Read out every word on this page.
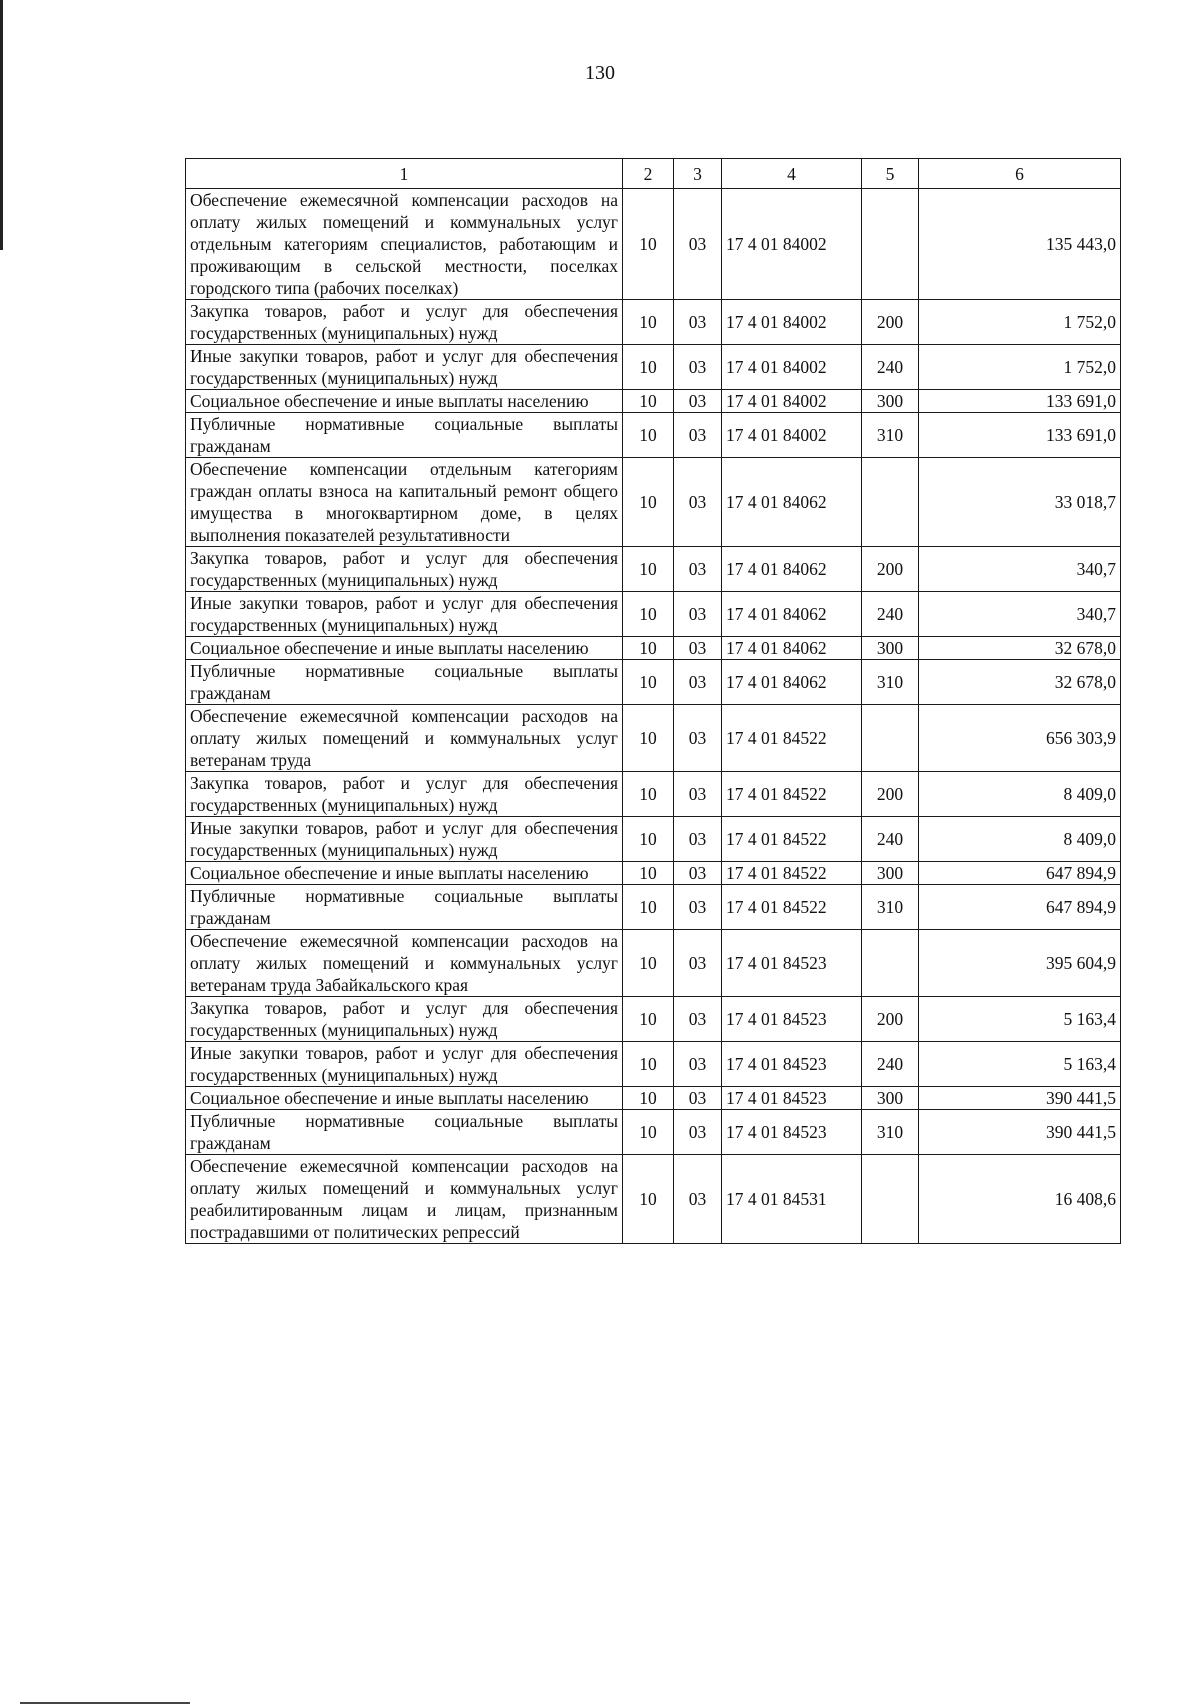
130
1	2	3	4	5	6
Обеспечение ежемесячной компенсации расходов на оплату жилых помещений и коммунальных услуг отдельным категориям специалистов, работающим и проживающим в сельской местности, поселках городского типа (рабочих поселках)	10	03	17 4 01 84002		135 443,0
Закупка товаров, работ и услуг для обеспечения государственных (муниципальных) нужд	10	03	17 4 01 84002	200	1 752,0
Иные закупки товаров, работ и услуг для обеспечения государственных (муниципальных) нужд	10	03	17 4 01 84002	240	1 752,0
Социальное обеспечение и иные выплаты населению	10	03	17 4 01 84002	300	133 691,0
Публичные нормативные социальные выплаты гражданам	10	03	17 4 01 84002	310	133 691,0
Обеспечение компенсации отдельным категориям граждан оплаты взноса на капитальный ремонт общего имущества в многоквартирном доме, в целях выполнения показателей результативности	10	03	17 4 01 84062		33 018,7
Закупка товаров, работ и услуг для обеспечения государственных (муниципальных) нужд	10	03	17 4 01 84062	200	340,7
Иные закупки товаров, работ и услуг для обеспечения государственных (муниципальных) нужд	10	03	17 4 01 84062	240	340,7
Социальное обеспечение и иные выплаты населению	10	03	17 4 01 84062	300	32 678,0
Публичные нормативные социальные выплаты гражданам	10	03	17 4 01 84062	310	32 678,0
Обеспечение ежемесячной компенсации расходов на оплату жилых помещений и коммунальных услуг ветеранам труда	10	03	17 4 01 84522		656 303,9
Закупка товаров, работ и услуг для обеспечения государственных (муниципальных) нужд	10	03	17 4 01 84522	200	8 409,0
Иные закупки товаров, работ и услуг для обеспечения государственных (муниципальных) нужд	10	03	17 4 01 84522	240	8 409,0
Социальное обеспечение и иные выплаты населению	10	03	17 4 01 84522	300	647 894,9
Публичные нормативные социальные выплаты гражданам	10	03	17 4 01 84522	310	647 894,9
Обеспечение ежемесячной компенсации расходов на оплату жилых помещений и коммунальных услуг ветеранам труда Забайкальского края	10	03	17 4 01 84523		395 604,9
Закупка товаров, работ и услуг для обеспечения государственных (муниципальных) нужд	10	03	17 4 01 84523	200	5 163,4
Иные закупки товаров, работ и услуг для обеспечения государственных (муниципальных) нужд	10	03	17 4 01 84523	240	5 163,4
Социальное обеспечение и иные выплаты населению	10	03	17 4 01 84523	300	390 441,5
Публичные нормативные социальные выплаты гражданам	10	03	17 4 01 84523	310	390 441,5
Обеспечение ежемесячной компенсации расходов на оплату жилых помещений и коммунальных услуг реабилитированным лицам и лицам, признанным пострадавшими от политических репрессий	10	03	17 4 01 84531		16 408,6
